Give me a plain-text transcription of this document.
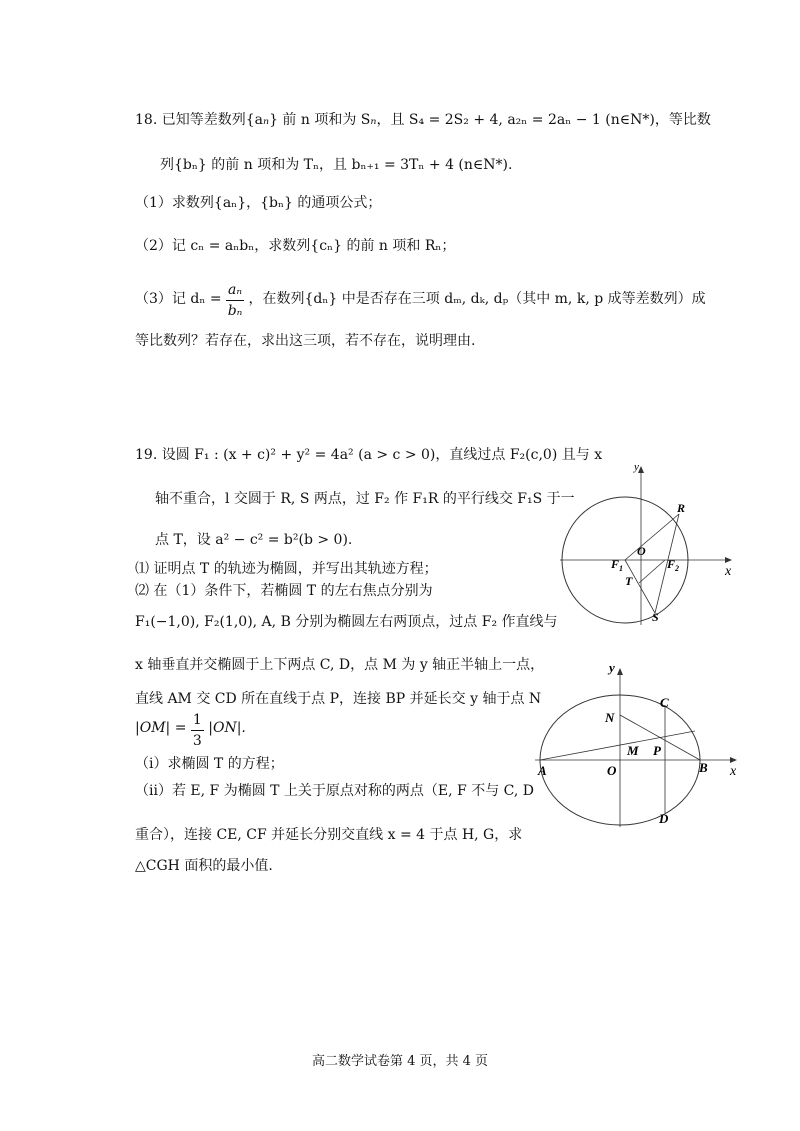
18. 已知等差数列{aₙ} 前 n 项和为 Sₙ，且 S₄ = 2S₂ + 4, a₂ₙ = 2aₙ − 1 (n∈N*)，等比数
列{bₙ} 的前 n 项和为 Tₙ，且 bₙ₊₁ = 3Tₙ + 4 (n∈N*).
（1）求数列{aₙ}，{bₙ} 的通项公式；
（2）记 cₙ = aₙbₙ，求数列{cₙ} 的前 n 项和 Rₙ；
（3）记 $d_n = \frac{\text{aₙ}}{\text{bₙ}}$ ，在数列{dₙ} 中是否存在三项 dₘ, dₖ, dₚ（其中 m, k, p 成等差数列）成
等比数列？若存在，求出这三项，若不存在，说明理由.
19. 设圆 F₁ : (x + c)² + y² = 4a² (a > c > 0)，直线过点 F₂(c,0) 且与 x
轴不重合，l 交圆于 R, S 两点，过 F₂ 作 F₁R 的平行线交 F₁S 于一
点 T，设 a² − c² = b²(b > 0).
⑴ 证明点 T 的轨迹为椭圆，并写出其轨迹方程；
⑵ 在（1）条件下，若椭圆 T 的左右焦点分别为
F₁(−1,0), F₂(1,0), A, B 分别为椭圆左右两顶点，过点 F₂ 作直线与
x 轴垂直并交椭圆于上下两点 C, D，点 M 为 y 轴正半轴上一点，
直线 AM 交 CD 所在直线于点 P，连接 BP 并延长交 y 轴于点 N
$|OM| = \frac{1}{3} |ON|$.
（i）求椭圆 T 的方程；
（ii）若 E, F 为椭圆 T 上关于原点对称的两点（E, F 不与 C, D
重合），连接 CE, CF 并延长分别交直线 x = 4 于点 H, G，求
△CGH 面积的最小值.
y
x
R
O
$F_1$	$F_2$
T
S
y
x
C
N
M P
A	O	B
D
高二数学试卷第 4 页，共 4 页
